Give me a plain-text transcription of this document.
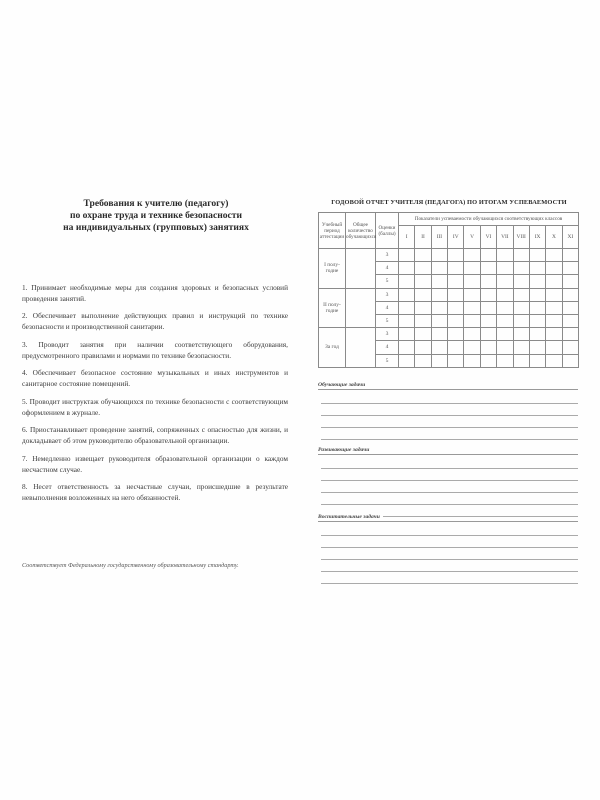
Требования к учителю (педагогу)
по охране труда и технике безопасности
на индивидуальных (групповых) занятиях

1. Принимает необходимые меры для создания здоровых и безопасных условий проведения занятий.

2. Обеспечивает выполнение действующих правил и инструкций по технике безопасности и производственной санитарии.

3. Проводит занятия при наличии соответствующего оборудования, предусмотренного правилами и нормами по технике безопасности.

4. Обеспечивает безопасное состояние музыкальных и иных инструментов и санитарное состояние помещений.

5. Проводит инструктаж обучающихся по технике безопасности с соответствующим оформлением в журнале.

6. Приостанавливает проведение занятий, сопряженных с опасностью для жизни, и докладывает об этом руководителю образовательной организации.

7. Немедленно извещает руководителя образовательной организации о каждом несчастном случае.

8. Несет ответственность за несчастные случаи, происшедшие в результате невыполнения возложенных на него обязанностей.

Соответствует Федеральному государственному образовательному стандарту.
ГОДОВОЙ ОТЧЕТ УЧИТЕЛЯ (ПЕДАГОГА) ПО ИТОГАМ УСПЕВАЕМОСТИ
Учебный период аттестации	Общее количество обучающихся	Оценки (баллы)	Показатели успеваемости обучающихся соответствующих классов										
			I	II	III	IV	V	VI	VII	VIII	IX	X	XI
I полу-годие		3											
		4											
		5											
II полу-годие		3											
		4											
		5											
За год		3											
		4											
		5											
Обучающие задачи
Развивающие задачи
Воспитательные задачи
